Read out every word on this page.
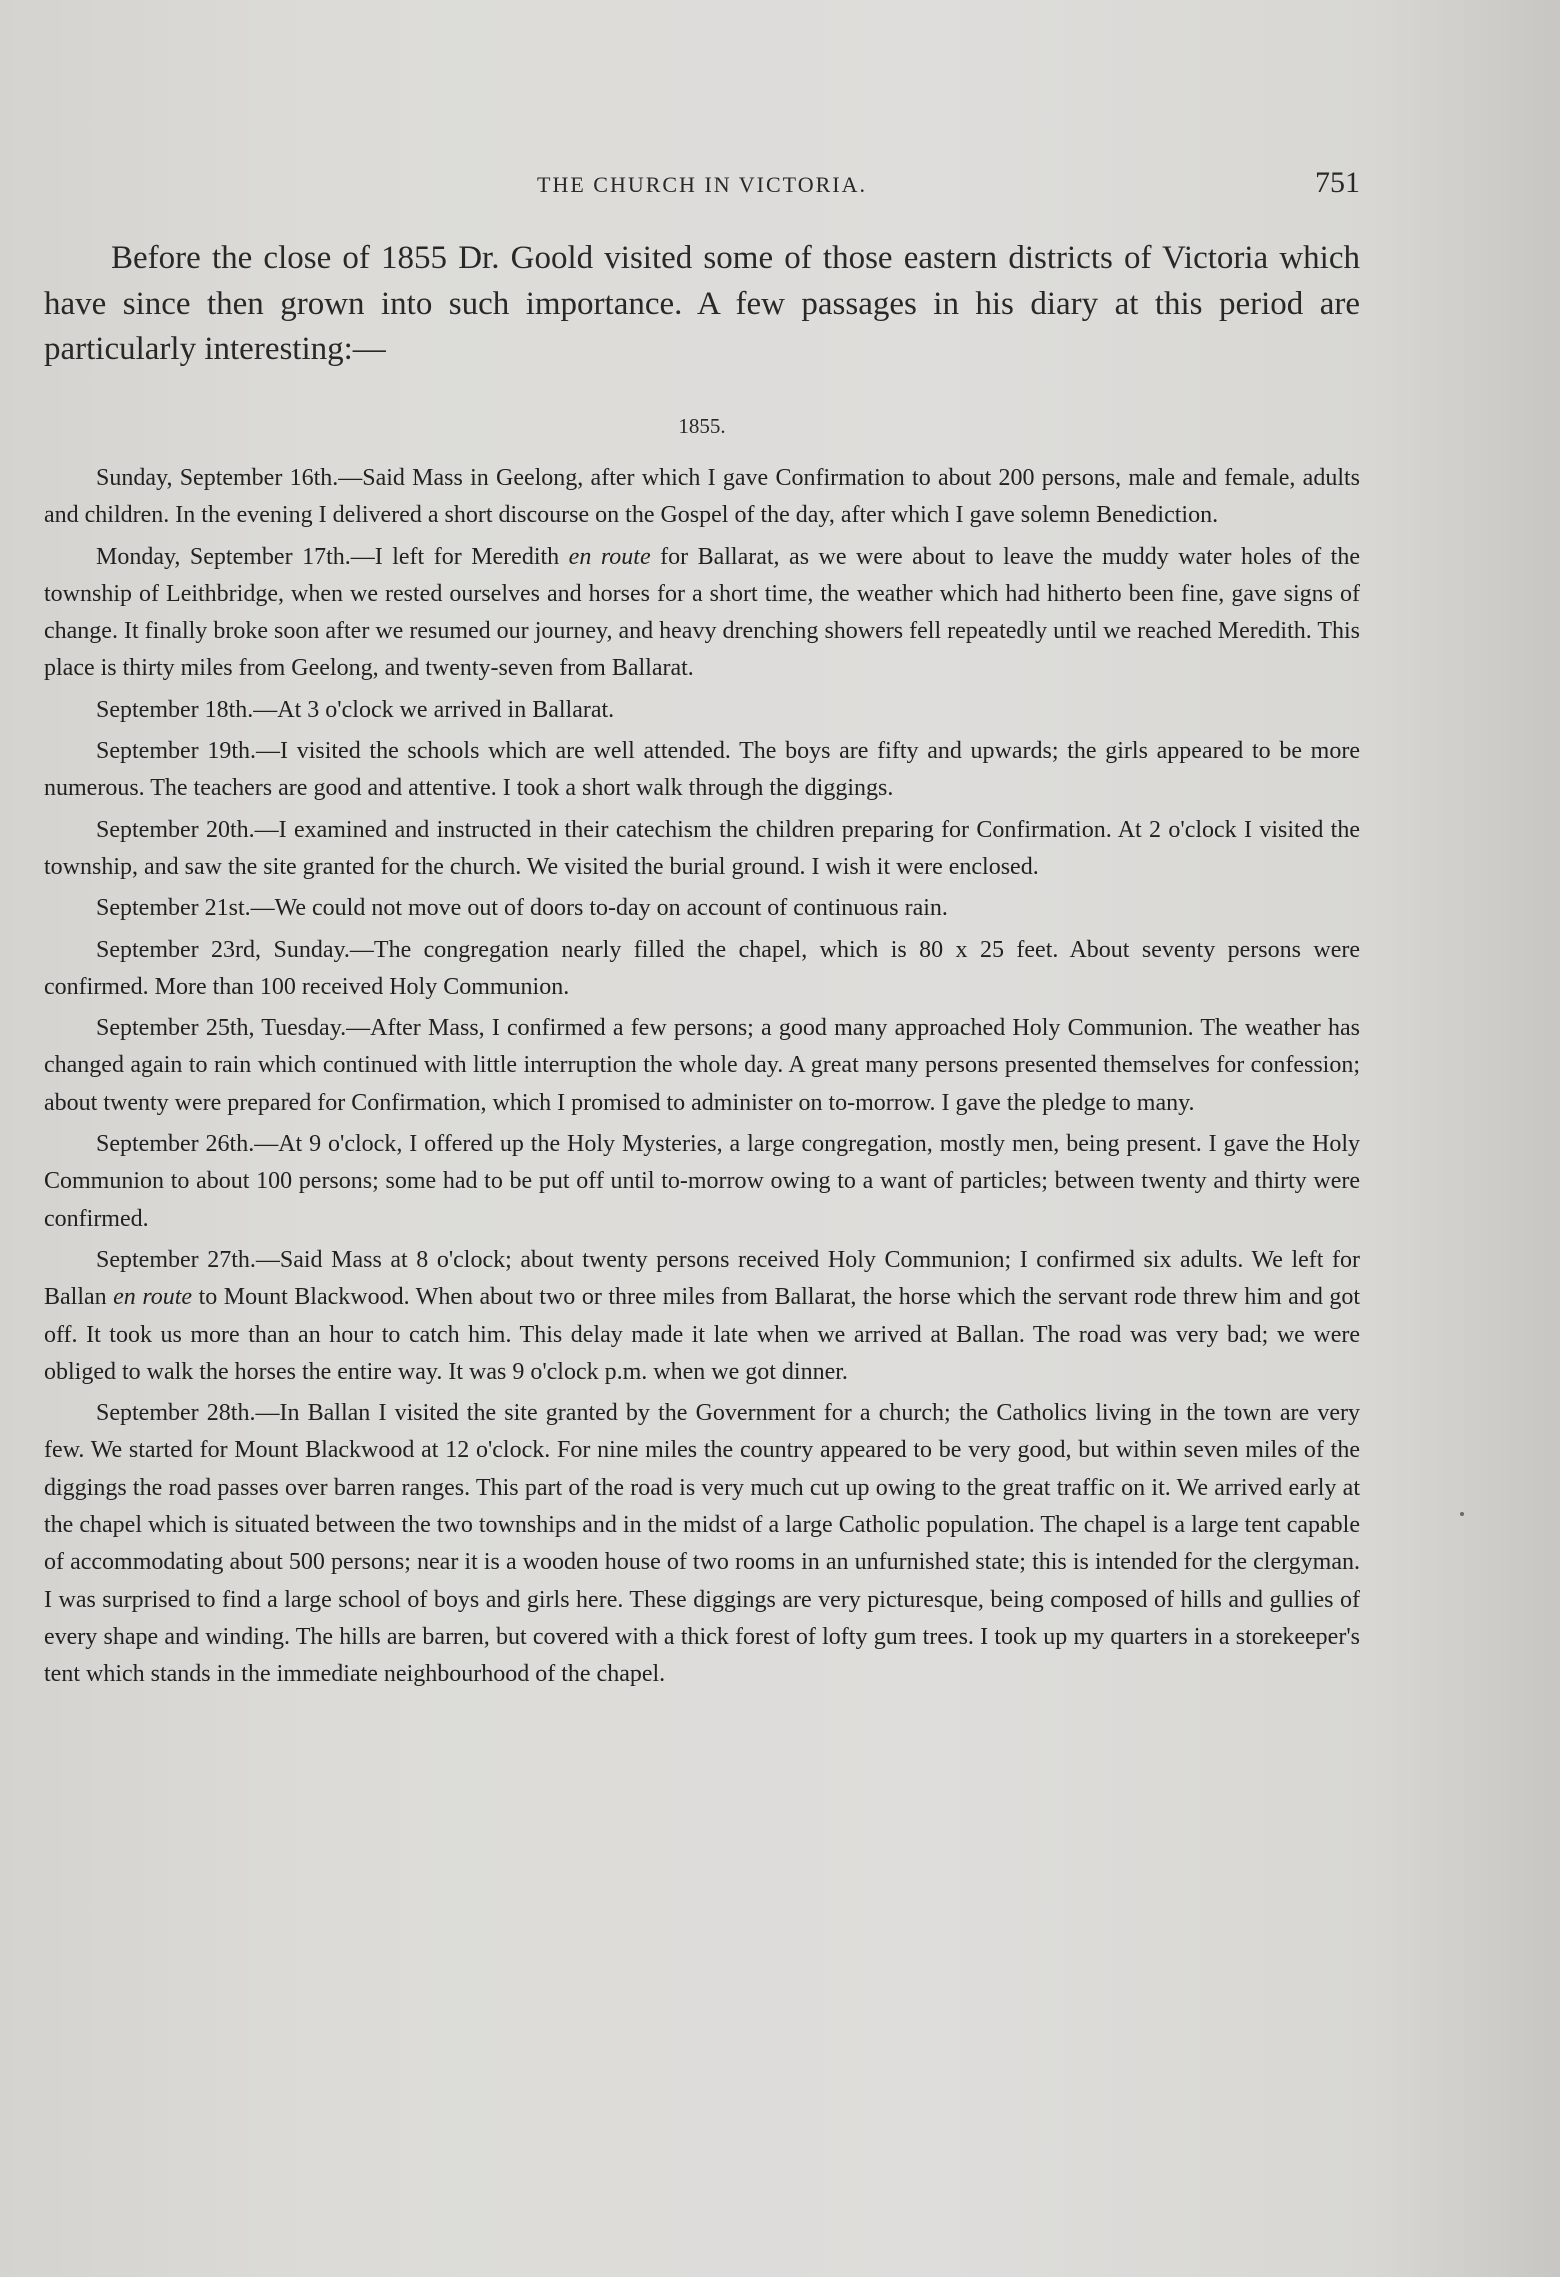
THE CHURCH IN VICTORIA.	751

Before the close of 1855 Dr. Goold visited some of those eastern districts of Victoria which have since then grown into such importance. A few passages in his diary at this period are particularly interesting:—

1855.

Sunday, September 16th.—Said Mass in Geelong, after which I gave Confirmation to about 200 persons, male and female, adults and children. In the evening I delivered a short discourse on the Gospel of the day, after which I gave solemn Benediction.

Monday, September 17th.—I left for Meredith en route for Ballarat, as we were about to leave the muddy water holes of the township of Leithbridge, when we rested ourselves and horses for a short time, the weather which had hitherto been fine, gave signs of change. It finally broke soon after we resumed our journey, and heavy drenching showers fell repeatedly until we reached Meredith. This place is thirty miles from Geelong, and twenty-seven from Ballarat.

September 18th.—At 3 o'clock we arrived in Ballarat.

September 19th.—I visited the schools which are well attended. The boys are fifty and upwards; the girls appeared to be more numerous. The teachers are good and attentive. I took a short walk through the diggings.

September 20th.—I examined and instructed in their catechism the children preparing for Confirmation. At 2 o'clock I visited the township, and saw the site granted for the church. We visited the burial ground. I wish it were enclosed.

September 21st.—We could not move out of doors to-day on account of continuous rain.

September 23rd, Sunday.—The congregation nearly filled the chapel, which is 80 x 25 feet. About seventy persons were confirmed. More than 100 received Holy Communion.

September 25th, Tuesday.—After Mass, I confirmed a few persons; a good many approached Holy Communion. The weather has changed again to rain which continued with little interruption the whole day. A great many persons presented themselves for confession; about twenty were prepared for Confirmation, which I promised to administer on to-morrow. I gave the pledge to many.

September 26th.—At 9 o'clock, I offered up the Holy Mysteries, a large congregation, mostly men, being present. I gave the Holy Communion to about 100 persons; some had to be put off until to-morrow owing to a want of particles; between twenty and thirty were confirmed.

September 27th.—Said Mass at 8 o'clock; about twenty persons received Holy Communion; I confirmed six adults. We left for Ballan en route to Mount Blackwood. When about two or three miles from Ballarat, the horse which the servant rode threw him and got off. It took us more than an hour to catch him. This delay made it late when we arrived at Ballan. The road was very bad; we were obliged to walk the horses the entire way. It was 9 o'clock p.m. when we got dinner.

September 28th.—In Ballan I visited the site granted by the Government for a church; the Catholics living in the town are very few. We started for Mount Blackwood at 12 o'clock. For nine miles the country appeared to be very good, but within seven miles of the diggings the road passes over barren ranges. This part of the road is very much cut up owing to the great traffic on it. We arrived early at the chapel which is situated between the two townships and in the midst of a large Catholic population. The chapel is a large tent capable of accommodating about 500 persons; near it is a wooden house of two rooms in an unfurnished state; this is intended for the clergyman. I was surprised to find a large school of boys and girls here. These diggings are very picturesque, being composed of hills and gullies of every shape and winding. The hills are barren, but covered with a thick forest of lofty gum trees. I took up my quarters in a storekeeper's tent which stands in the immediate neighbourhood of the chapel.
